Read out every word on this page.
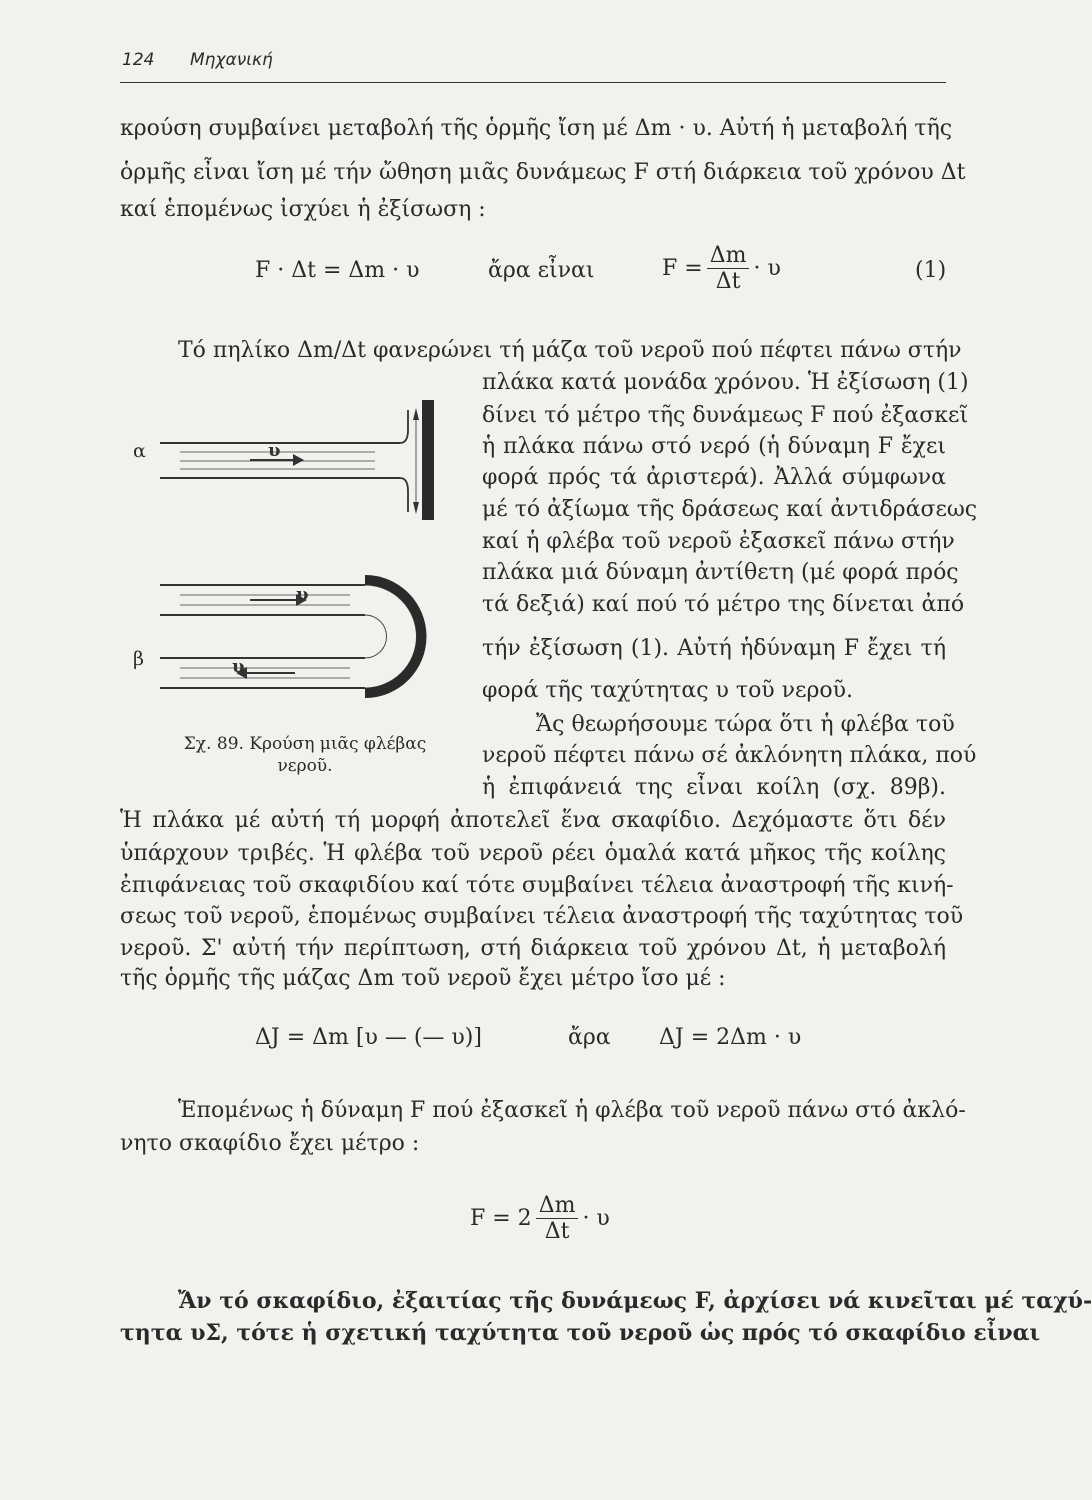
124 Μηχανική
κρούση συμβαίνει μεταβολή τῆς ὁρμῆς ἴση μέ Δm · υ. Αὐτή ἡ μεταβολή τῆς
ὁρμῆς εἶναι ἴση μέ τήν ὤθηση μιᾶς δυνάμεως F στή διάρκεια τοῦ χρόνου Δt
καί ἑπομένως ἰσχύει ἡ ἐξίσωση :
F · Δt = Δm · υ	ἄρα εἶναι	$F = \frac{\Delta m}{\Delta t} \cdot \upsilon$	(1)
Τό πηλίκο Δm/Δt φανερώνει τή μάζα τοῦ νεροῦ πού πέφτει πάνω στήν
πλάκα κατά μονάδα χρόνου. Ἡ ἐξίσωση (1)
δίνει τό μέτρο τῆς δυνάμεως F πού ἐξασκεῖ
ἡ πλάκα πάνω στό νερό (ἡ δύναμη F ἔχει
φορά πρός τά ἀριστερά). Ἀλλά σύμφωνα
μέ τό ἀξίωμα τῆς δράσεως καί ἀντιδράσεως
καί ἡ φλέβα τοῦ νεροῦ ἐξασκεῖ πάνω στήν
πλάκα μιά δύναμη ἀντίθετη (μέ φορά πρός
τά δεξιά) καί πού τό μέτρο της δίνεται ἀπό
τήν ἐξίσωση (1). Αὐτή ἡδύναμη F ἔχει τή
φορά τῆς ταχύτητας υ τοῦ νεροῦ.
Ἄς θεωρήσουμε τώρα ὅτι ἡ φλέβα τοῦ
νεροῦ πέφτει πάνω σέ ἀκλόνητη πλάκα, πού
ἡ ἐπιφάνειά της εἶναι κοίλη (σχ. 89β).
α
β
υ
υ
υ
Σχ. 89. Κρούση μιᾶς φλέβας
νεροῦ.
Ἡ πλάκα μέ αὐτή τή μορφή ἀποτελεῖ ἕνα σκαφίδιο. Δεχόμαστε ὅτι δέν
ὑπάρχουν τριβές. Ἡ φλέβα τοῦ νεροῦ ρέει ὁμαλά κατά μῆκος τῆς κοίλης
ἐπιφάνειας τοῦ σκαφιδίου καί τότε συμβαίνει τέλεια ἀναστροφή τῆς κινή-
σεως τοῦ νεροῦ, ἑπομένως συμβαίνει τέλεια ἀναστροφή τῆς ταχύτητας τοῦ
νεροῦ. Σ' αὐτή τήν περίπτωση, στή διάρκεια τοῦ χρόνου Δt, ἡ μεταβολή
τῆς ὁρμῆς τῆς μάζας Δm τοῦ νεροῦ ἔχει μέτρο ἴσο μέ :
ΔJ = Δm [υ — (— υ)]	ἄρα ΔJ = 2Δm · υ
Ἑπομένως ἡ δύναμη F πού ἐξασκεῖ ἡ φλέβα τοῦ νεροῦ πάνω στό ἀκλό-
νητο σκαφίδιο ἔχει μέτρο :
$F = 2 \frac{\Delta m}{\Delta t} \cdot \upsilon$
Ἄν τό σκαφίδιο, ἐξαιτίας τῆς δυνάμεως F, ἀρχίσει νά κινεῖται μέ ταχύ-
τητα υΣ, τότε ἡ σχετική ταχύτητα τοῦ νεροῦ ὡς πρός τό σκαφίδιο εἶναι
